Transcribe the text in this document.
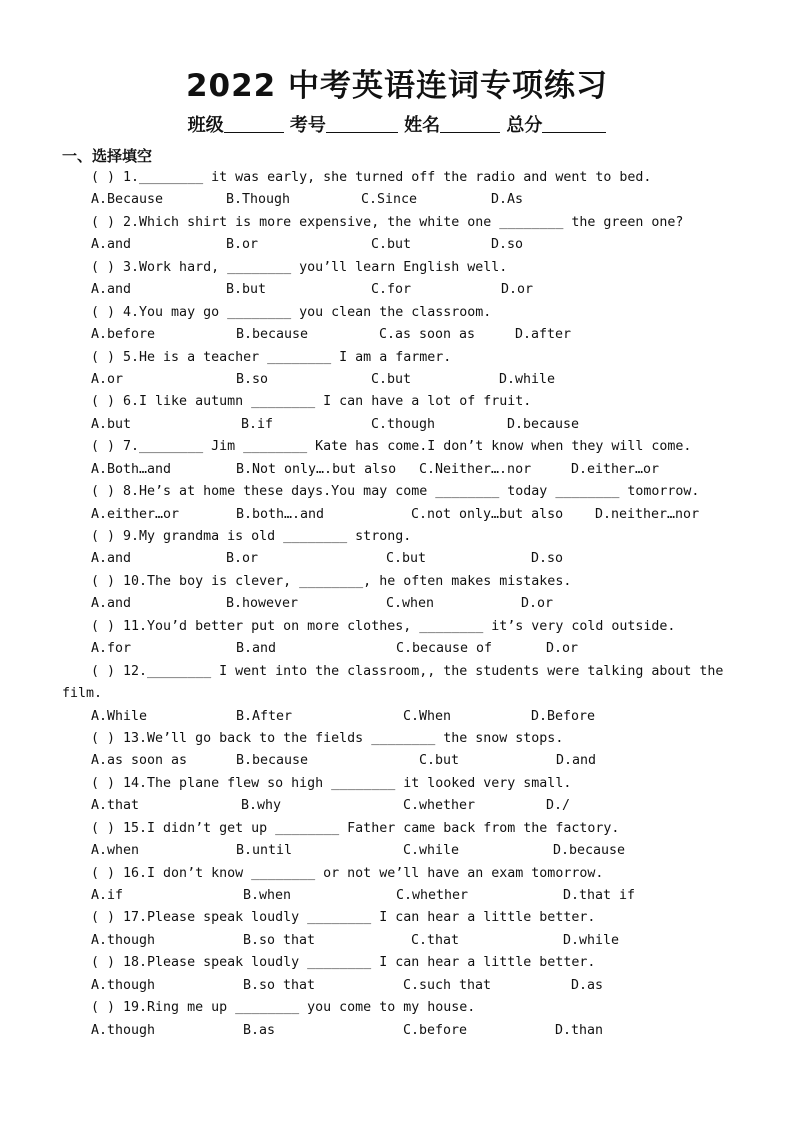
2022 中考英语连词专项练习
班级	考号	姓名	总分
一、选择填空
( ) 1.________ it was early, she turned off the radio and went to bed.
A.Because	B.Though	C.Since	D.As
( ) 2.Which shirt is more expensive, the white one ________ the green one?
A.and	B.or	C.but	D.so
( ) 3.Work hard, ________ you’ll learn English well.
A.and	B.but	C.for	D.or
( ) 4.You may go ________ you clean the classroom.
A.before	B.because	C.as soon as	D.after
( ) 5.He is a teacher ________ I am a farmer.
A.or	B.so	C.but	D.while
( ) 6.I like autumn ________ I can have a lot of fruit.
A.but	B.if	C.though	D.because
( ) 7.________ Jim ________ Kate has come.I don’t know when they will come.
A.Both…and	B.Not only….but also C.Neither….nor	D.either…or
( ) 8.He’s at home these days.You may come ________ today ________ tomorrow.
A.either…or	B.both….and	C.not only…but also D.neither…nor
( ) 9.My grandma is old ________ strong.
A.and	B.or	C.but	D.so
( ) 10.The boy is clever, ________, he often makes mistakes.
A.and	B.however	C.when	D.or
( ) 11.You’d better put on more clothes, ________ it’s very cold outside.
A.for	B.and	C.because of	D.or
( ) 12.________ I went into the classroom,, the students were talking about the
film.
A.While	B.After	C.When	D.Before
( ) 13.We’ll go back to the fields ________ the snow stops.
A.as soon as	B.because	C.but	D.and
( ) 14.The plane flew so high ________ it looked very small.
A.that	B.why	C.whether	D./
( ) 15.I didn’t get up ________ Father came back from the factory.
A.when	B.until	C.while	D.because
( ) 16.I don’t know ________ or not we’ll have an exam tomorrow.
A.if	B.when	C.whether	D.that if
( ) 17.Please speak loudly ________ I can hear a little better.
A.though	B.so that	C.that	D.while
( ) 18.Please speak loudly ________ I can hear a little better.
A.though	B.so that	C.such that	D.as
( ) 19.Ring me up ________ you come to my house.
A.though	B.as	C.before	D.than
